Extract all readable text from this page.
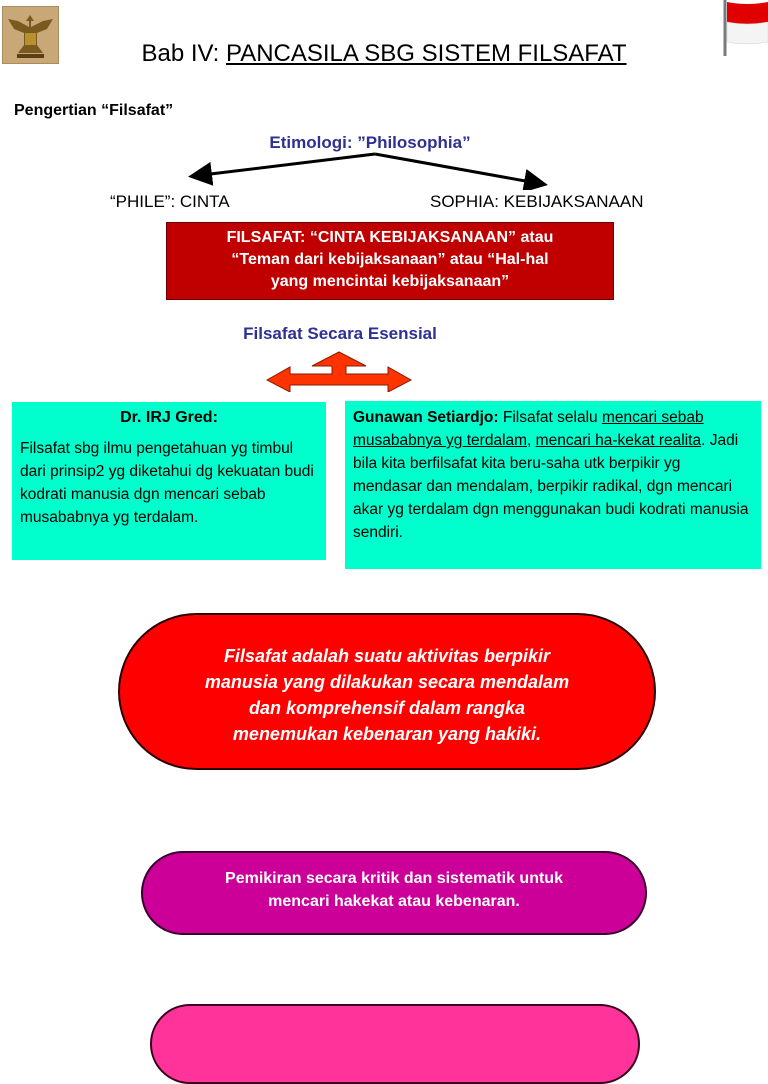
Bab IV: PANCASILA SBG SISTEM FILSAFAT
Pengertian “Filsafat”
Etimologi: ”Philosophia”
“PHILE”: CINTA	SOPHIA: KEBIJAKSANAAN
FILSAFAT: “CINTA KEBIJAKSANAAN” atau
“Teman dari kebijaksanaan” atau “Hal-hal
yang mencintai kebijaksanaan”
Filsafat Secara Esensial
Dr. IRJ Gred:
Filsafat sbg ilmu pengetahuan yg timbul dari prinsip2 yg diketahui dg kekuatan budi kodrati manusia dgn mencari sebab musababnya yg terdalam.
Gunawan Setiardjo: Filsafat selalu mencari sebab musababnya yg terdalam, mencari ha-kekat realita. Jadi bila kita berfilsafat kita beru-saha utk berpikir yg mendasar dan mendalam, berpikir radikal, dgn mencari akar yg terdalam dgn menggunakan budi kodrati manusia sendiri.
Filsafat adalah suatu aktivitas berpikir
manusia yang dilakukan secara mendalam
dan komprehensif dalam rangka
menemukan kebenaran yang hakiki.
Pemikiran secara kritik dan sistematik untuk
mencari hakekat atau kebenaran.
